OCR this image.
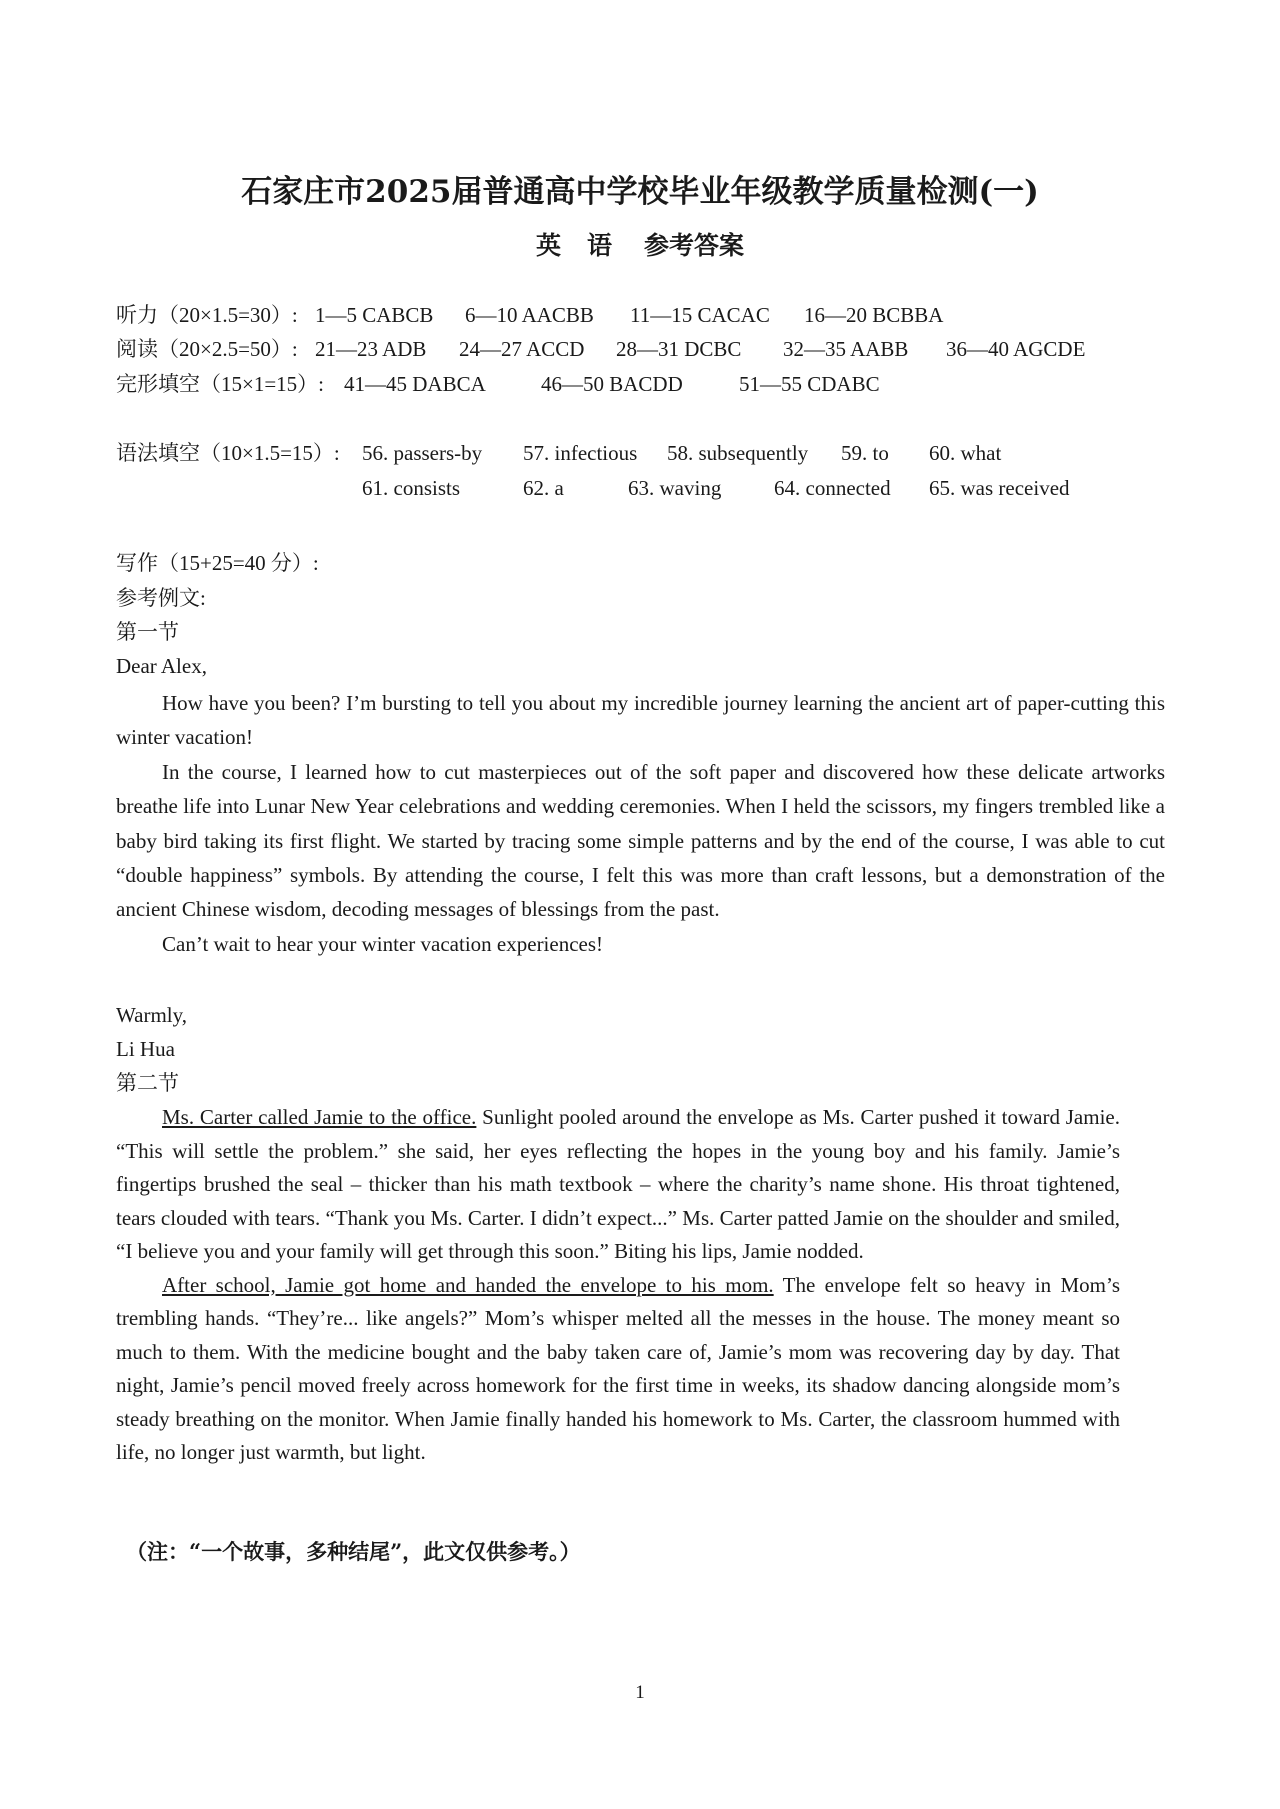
石家庄市2025届普通高中学校毕业年级教学质量检测(一)
英 语 参考答案
听力（20×1.5=30）: 1—5 CABCB 6—10 AACBB 11—15 CACAC 16—20 BCBBA
阅读（20×2.5=50）: 21—23 ADB 24—27 ACCD 28—31 DCBC 32—35 AABB 36—40 AGCDE
完形填空（15×1=15）: 41—45 DABCA	46—50 BACDD	51—55 CDABC
语法填空（10×1.5=15）: 56. passers-by 57. infectious 58. subsequently 59. to 60. what
61. consists	62. a	63. waving	64. connected 65. was received
写作（15+25=40 分）:
参考例文:
第一节
Dear Alex,

How have you been? I’m bursting to tell you about my incredible journey learning the ancient art of paper-cutting this winter vacation!

In the course, I learned how to cut masterpieces out of the soft paper and discovered how these delicate artworks breathe life into Lunar New Year celebrations and wedding ceremonies. When I held the scissors, my fingers trembled like a baby bird taking its first flight. We started by tracing some simple patterns and by the end of the course, I was able to cut “double happiness” symbols. By attending the course, I felt this was more than craft lessons, but a demonstration of the ancient Chinese wisdom, decoding messages of blessings from the past.

Can’t wait to hear your winter vacation experiences!

Warmly,
Li Hua
第二节

Ms. Carter called Jamie to the office. Sunlight pooled around the envelope as Ms. Carter pushed it toward Jamie. “This will settle the problem.” she said, her eyes reflecting the hopes in the young boy and his family. Jamie’s fingertips brushed the seal – thicker than his math textbook – where the charity’s name shone. His throat tightened, tears clouded with tears. “Thank you Ms. Carter. I didn’t expect...” Ms. Carter patted Jamie on the shoulder and smiled, “I believe you and your family will get through this soon.” Biting his lips, Jamie nodded.

After school, Jamie got home and handed the envelope to his mom. The envelope felt so heavy in Mom’s trembling hands. “They’re... like angels?” Mom’s whisper melted all the messes in the house. The money meant so much to them. With the medicine bought and the baby taken care of, Jamie’s mom was recovering day by day. That night, Jamie’s pencil moved freely across homework for the first time in weeks, its shadow dancing alongside mom’s steady breathing on the monitor. When Jamie finally handed his homework to Ms. Carter, the classroom hummed with life, no longer just warmth, but light.

（注：“一个故事，多种结尾”，此文仅供参考。）
1
